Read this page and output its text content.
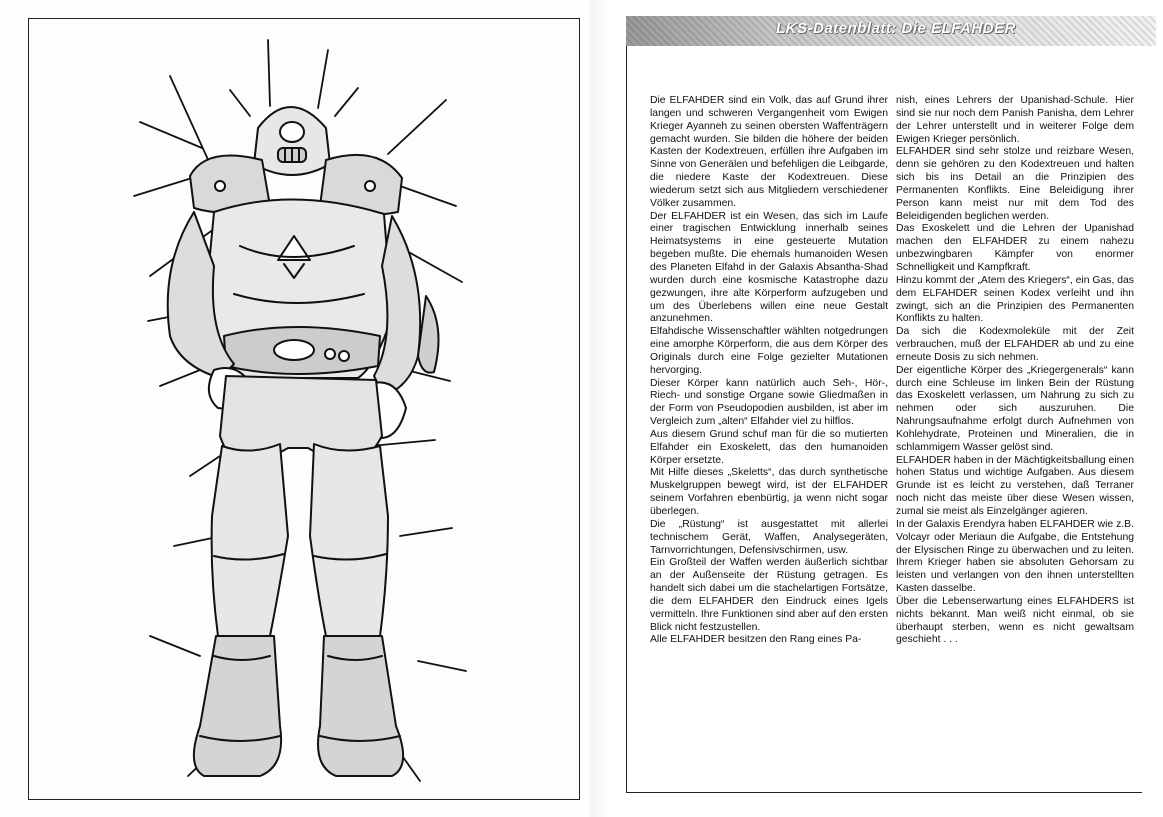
LKS-Datenblatt: Die ELFAHDER

Die ELFAHDER sind ein Volk, das auf Grund ihrer langen und schweren Vergangenheit vom Ewigen Krieger Ayanneh zu seinen obersten Waffenträgern gemacht wurden. Sie bilden die höhere der beiden Kasten der Kodextreuen, erfüllen ihre Aufgaben im Sinne von Generälen und befehligen die Leibgarde, die niedere Kaste der Kodextreuen. Diese wiederum setzt sich aus Mitgliedern verschiedener Völker zusammen.

Der ELFAHDER ist ein Wesen, das sich im Laufe einer tragischen Entwicklung innerhalb seines Heimatsystems in eine gesteuerte Mutation begeben mußte. Die ehemals humanoiden Wesen des Planeten Elfahd in der Galaxis Absantha-Shad wurden durch eine kosmische Katastrophe dazu gezwungen, ihre alte Körperform aufzugeben und um des Überlebens willen eine neue Gestalt anzunehmen.

Elfahdische Wissenschaftler wählten notgedrungen eine amorphe Körperform, die aus dem Körper des Originals durch eine Folge gezielter Mutationen hervorging.

Dieser Körper kann natürlich auch Seh-, Hör-, Riech- und sonstige Organe sowie Gliedmaßen in der Form von Pseudopodien ausbilden, ist aber im Vergleich zum „alten“ Elfahder viel zu hilflos.

Aus diesem Grund schuf man für die so mutierten Elfahder ein Exoskelett, das den humanoiden Körper ersetzte.

Mit Hilfe dieses „Skeletts“, das durch synthetische Muskelgruppen bewegt wird, ist der ELFAHDER seinem Vorfahren ebenbürtig, ja wenn nicht sogar überlegen.

Die „Rüstung“ ist ausgestattet mit allerlei technischem Gerät, Waffen, Analysegeräten, Tarnvorrichtungen, Defensivschirmen, usw.

Ein Großteil der Waffen werden äußerlich sichtbar an der Außenseite der Rüstung getragen. Es handelt sich dabei um die stachelartigen Fortsätze, die dem ELFAHDER den Eindruck eines Igels vermitteln. Ihre Funktionen sind aber auf den ersten Blick nicht festzustellen.

Alle ELFAHDER besitzen den Rang eines Pa-

nish, eines Lehrers der Upanishad-Schule. Hier sind sie nur noch dem Panish Panisha, dem Lehrer der Lehrer unterstellt und in weiterer Folge dem Ewigen Krieger persönlich.

ELFAHDER sind sehr stolze und reizbare Wesen, denn sie gehören zu den Kodextreuen und halten sich bis ins Detail an die Prinzipien des Permanenten Konflikts. Eine Beleidigung ihrer Person kann meist nur mit dem Tod des Beleidigenden beglichen werden.

Das Exoskelett und die Lehren der Upanishad machen den ELFAHDER zu einem nahezu unbezwingbaren Kämpfer von enormer Schnelligkeit und Kampfkraft.

Hinzu kommt der „Atem des Kriegers“, ein Gas, das dem ELFAHDER seinen Kodex verleiht und ihn zwingt, sich an die Prinzipien des Permanenten Konflikts zu halten.

Da sich die Kodexmoleküle mit der Zeit verbrauchen, muß der ELFAHDER ab und zu eine erneute Dosis zu sich nehmen.

Der eigentliche Körper des „Kriegergenerals“ kann durch eine Schleuse im linken Bein der Rüstung das Exoskelett verlassen, um Nahrung zu sich zu nehmen oder sich auszuruhen. Die Nahrungsaufnahme erfolgt durch Aufnehmen von Kohlehydrate, Proteinen und Mineralien, die in schlammigem Wasser gelöst sind.

ELFAHDER haben in der Mächtigkeitsballung einen hohen Status und wichtige Aufgaben. Aus diesem Grunde ist es leicht zu verstehen, daß Terraner noch nicht das meiste über diese Wesen wissen, zumal sie meist als Einzelgänger agieren.

In der Galaxis Erendyra haben ELFAHDER wie z.B. Volcayr oder Meriaun die Aufgabe, die Entstehung der Elysischen Ringe zu überwachen und zu leiten. Ihrem Krieger haben sie absoluten Gehorsam zu leisten und verlangen von den ihnen unterstellten Kasten dasselbe.

Über die Lebenserwartung eines ELFAHDERS ist nichts bekannt. Man weiß nicht einmal, ob sie überhaupt sterben, wenn es nicht gewaltsam geschieht . . .
